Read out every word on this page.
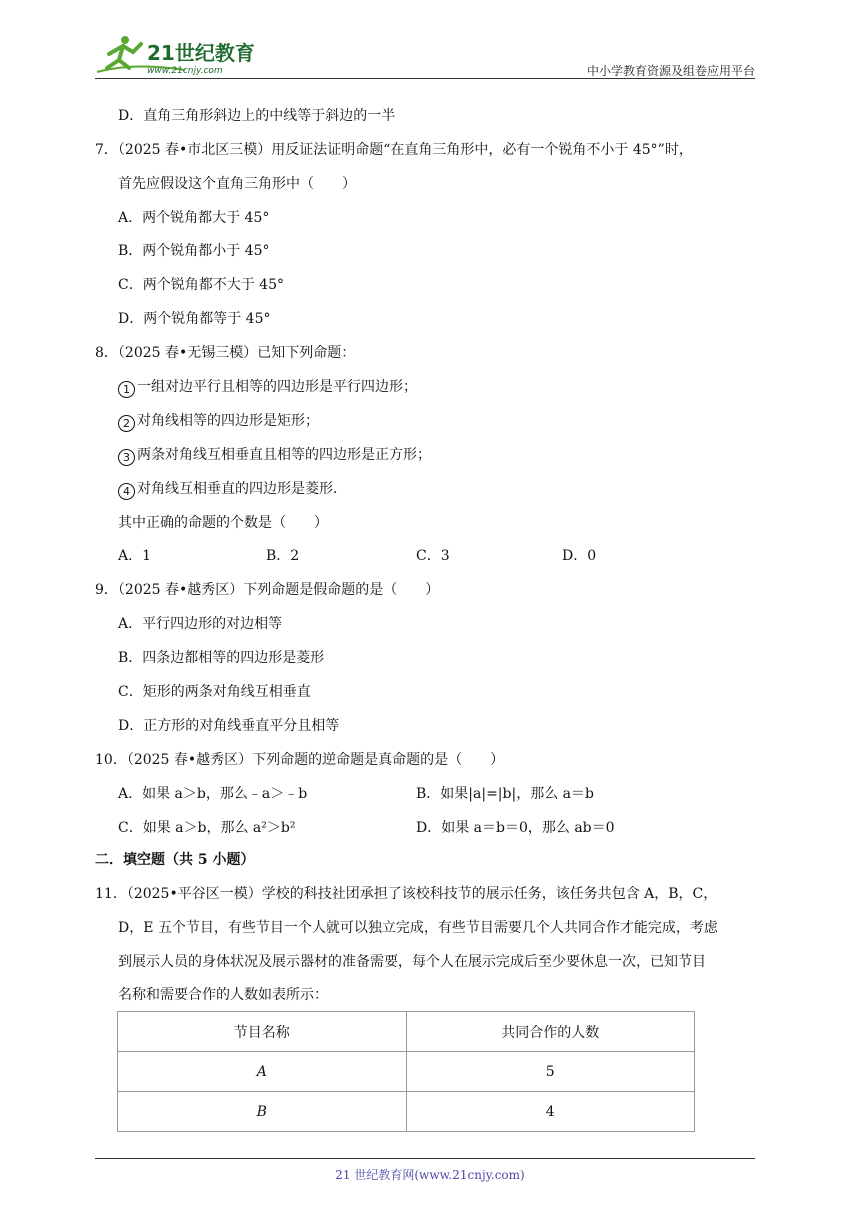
21世纪教育
www.21cnjy.com	中小学教育资源及组卷应用平台
D．直角三角形斜边上的中线等于斜边的一半
7．（2025 春•市北区三模）用反证法证明命题“在直角三角形中，必有一个锐角不小于 45°”时，
首先应假设这个直角三角形中（　　）
A．两个锐角都大于 45°
B．两个锐角都小于 45°
C．两个锐角都不大于 45°
D．两个锐角都等于 45°
8．（2025 春•无锡三模）已知下列命题：
1 一组对边平行且相等的四边形是平行四边形；
2 对角线相等的四边形是矩形；
3 两条对角线互相垂直且相等的四边形是正方形；
4 对角线互相垂直的四边形是菱形.
其中正确的命题的个数是（　　）
A．1	B．2	C．3	D．0
9．（2025 春•越秀区）下列命题是假命题的是（　　）
A．平行四边形的对边相等
B．四条边都相等的四边形是菱形
C．矩形的两条对角线互相垂直
D．正方形的对角线垂直平分且相等
10．（2025 春•越秀区）下列命题的逆命题是真命题的是（　　）
A．如果 a＞b，那么﹣a＞﹣b	B．如果|a|=|b|，那么 a＝b
C．如果 a＞b，那么 a²＞b²	D．如果 a＝b＝0，那么 ab＝0
二．填空题（共 5 小题）
11．（2025•平谷区一模）学校的科技社团承担了该校科技节的展示任务，该任务共包含 A，B，C，
D，E 五个节目，有些节目一个人就可以独立完成，有些节目需要几个人共同合作才能完成，考虑
到展示人员的身体状况及展示器材的准备需要，每个人在展示完成后至少要休息一次，已知节目
名称和需要合作的人数如表所示：
节目名称	共同合作的人数
A	5
B	4
21 世纪教育网(www.21cnjy.com)
